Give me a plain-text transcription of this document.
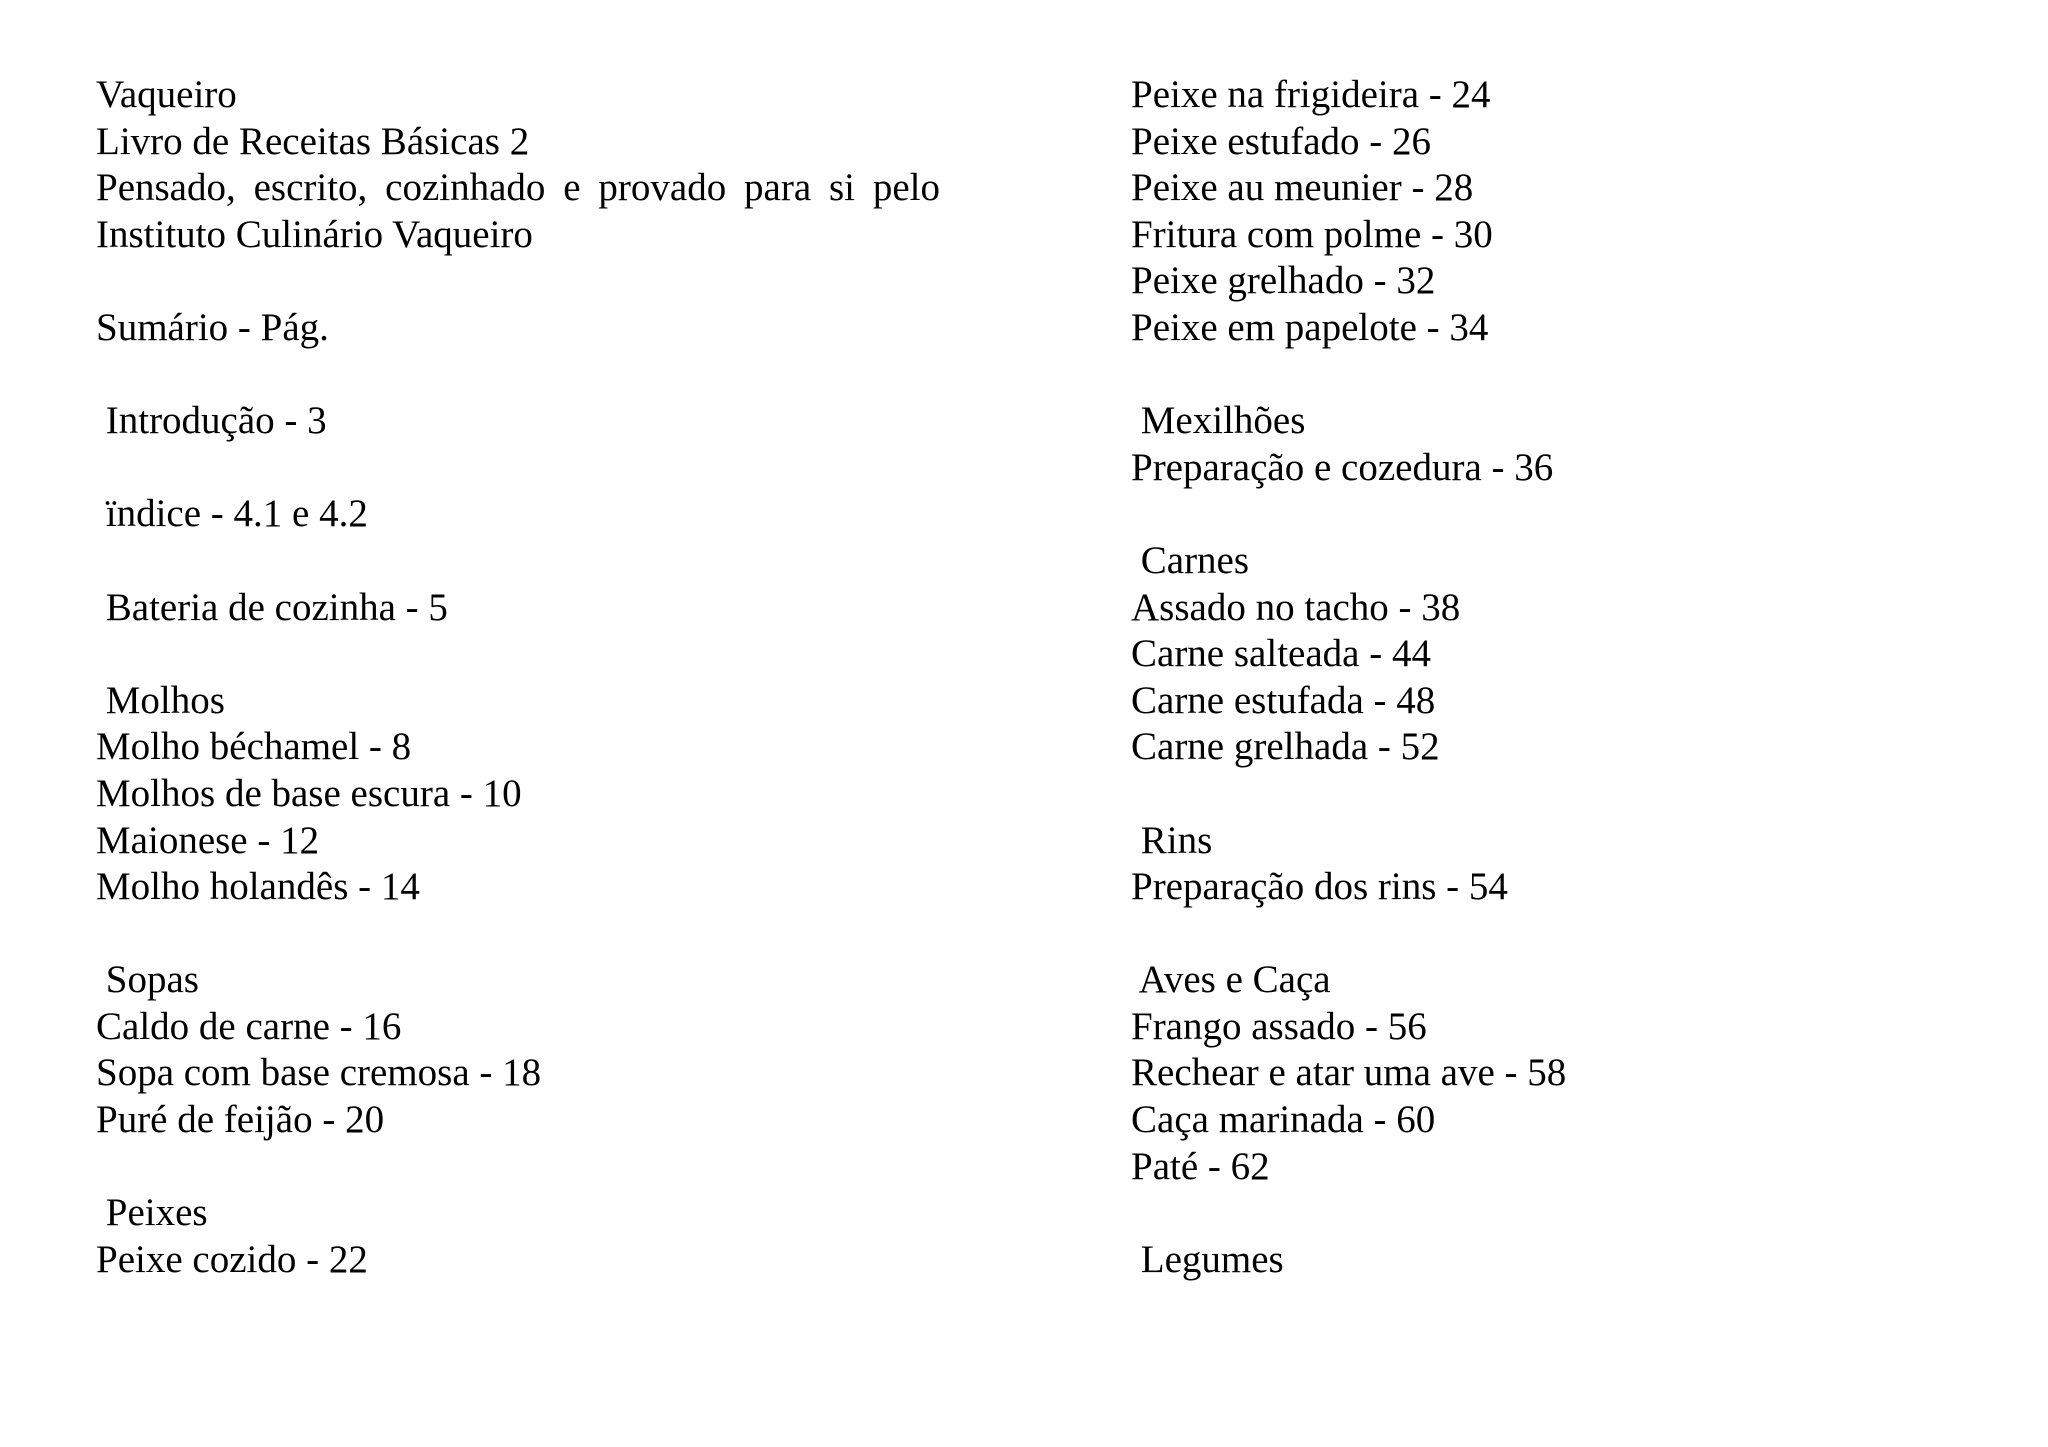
Vaqueiro
Livro de Receitas Básicas 2
Pensado, escrito, cozinhado e provado para si pelo
Instituto Culinário Vaqueiro

Sumário - Pág.

Introdução - 3

ïndice - 4.1 e 4.2

Bateria de cozinha - 5

Molhos
Molho béchamel - 8
Molhos de base escura - 10
Maionese - 12
Molho holandês - 14

Sopas
Caldo de carne - 16
Sopa com base cremosa - 18
Puré de feijão - 20

Peixes
Peixe cozido - 22
Peixe na frigideira - 24
Peixe estufado - 26
Peixe au meunier - 28
Fritura com polme - 30
Peixe grelhado - 32
Peixe em papelote - 34

Mexilhões
Preparação e cozedura - 36

Carnes
Assado no tacho - 38
Carne salteada - 44
Carne estufada - 48
Carne grelhada - 52

Rins
Preparação dos rins - 54

Aves e Caça
Frango assado - 56
Rechear e atar uma ave - 58
Caça marinada - 60
Paté - 62

Legumes
